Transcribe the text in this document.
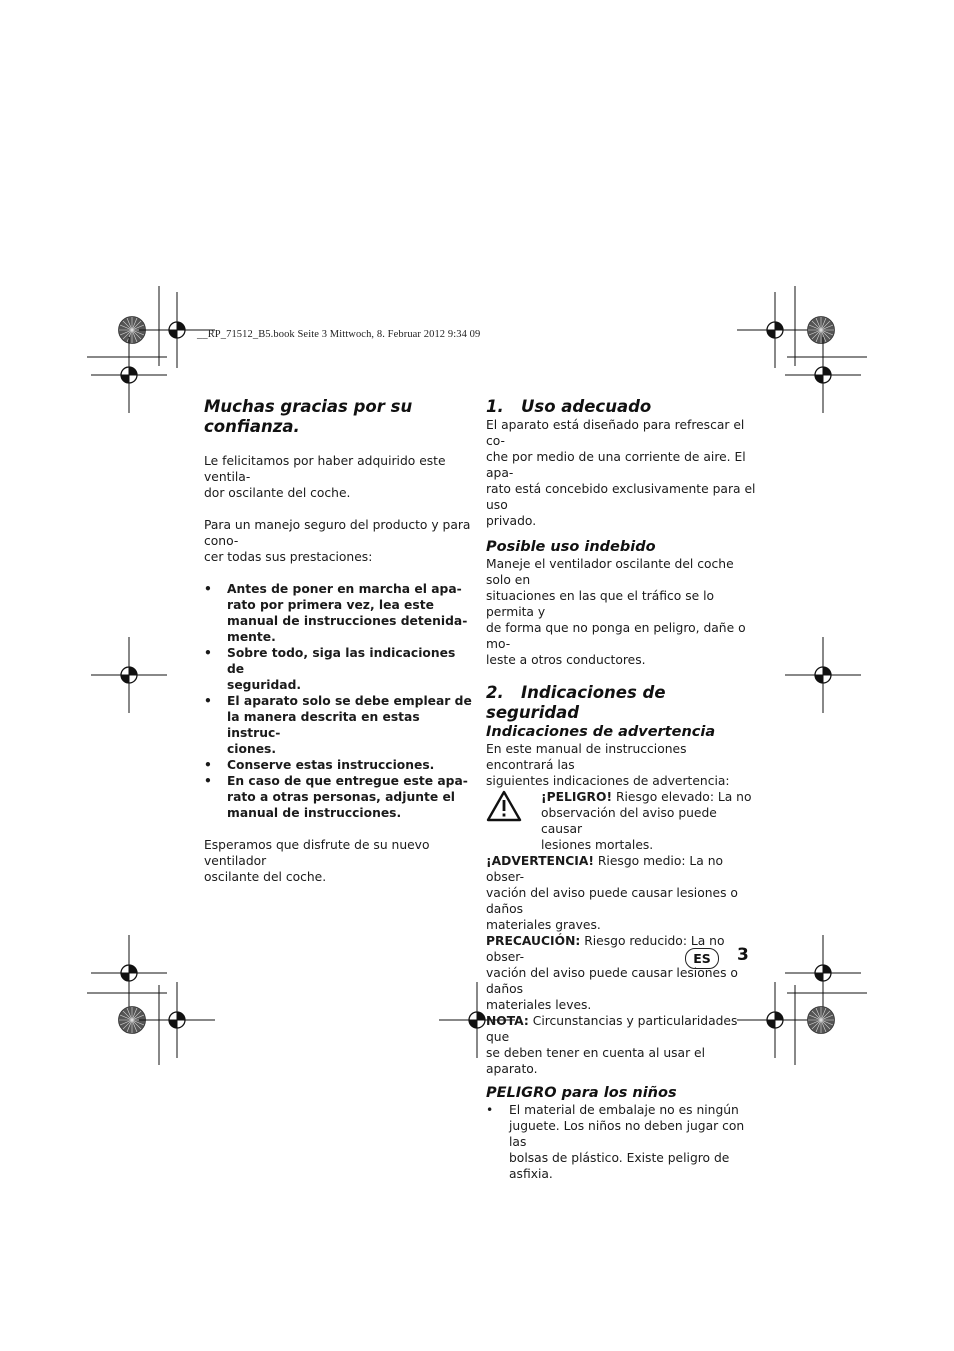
__RP_71512_B5.book Seite 3 Mittwoch, 8. Februar 2012 9:34 09
Muchas gracias por su
confianza.

Le felicitamos por haber adquirido este ventila-
dor oscilante del coche.

Para un manejo seguro del producto y para cono-
cer todas sus prestaciones:

• Antes de poner en marcha el apa-
rato por primera vez, lea este
manual de instrucciones detenida-
mente.
• Sobre todo, siga las indicaciones de
seguridad.
• El aparato solo se debe emplear de
la manera descrita en estas instruc-
ciones.
• Conserve estas instrucciones.
• En caso de que entregue este apa-
rato a otras personas, adjunte el
manual de instrucciones.

Esperamos que disfrute de su nuevo ventilador
oscilante del coche.

1. Uso adecuado

El aparato está diseñado para refrescar el co-
che por medio de una corriente de aire. El apa-
rato está concebido exclusivamente para el uso
privado.

Posible uso indebido

Maneje el ventilador oscilante del coche solo en
situaciones en las que el tráfico se lo permita y
de forma que no ponga en peligro, dañe o mo-
leste a otros conductores.

2. Indicaciones de seguridad
Indicaciones de advertencia

En este manual de instrucciones encontrará las
siguientes indicaciones de advertencia:

¡PELIGRO! Riesgo elevado: La no
observación del aviso puede causar
lesiones mortales.

¡ADVERTENCIA! Riesgo medio: La no obser-
vación del aviso puede causar lesiones o daños
materiales graves.

PRECAUCIÓN: Riesgo reducido: La no obser-
vación del aviso puede causar lesiones o daños
materiales leves.

NOTA: Circunstancias y particularidades que
se deben tener en cuenta al usar el aparato.

PELIGRO para los niños
• El material de embalaje no es ningún
juguete. Los niños no deben jugar con las
bolsas de plástico. Existe peligro de asfixia.
ES	3
